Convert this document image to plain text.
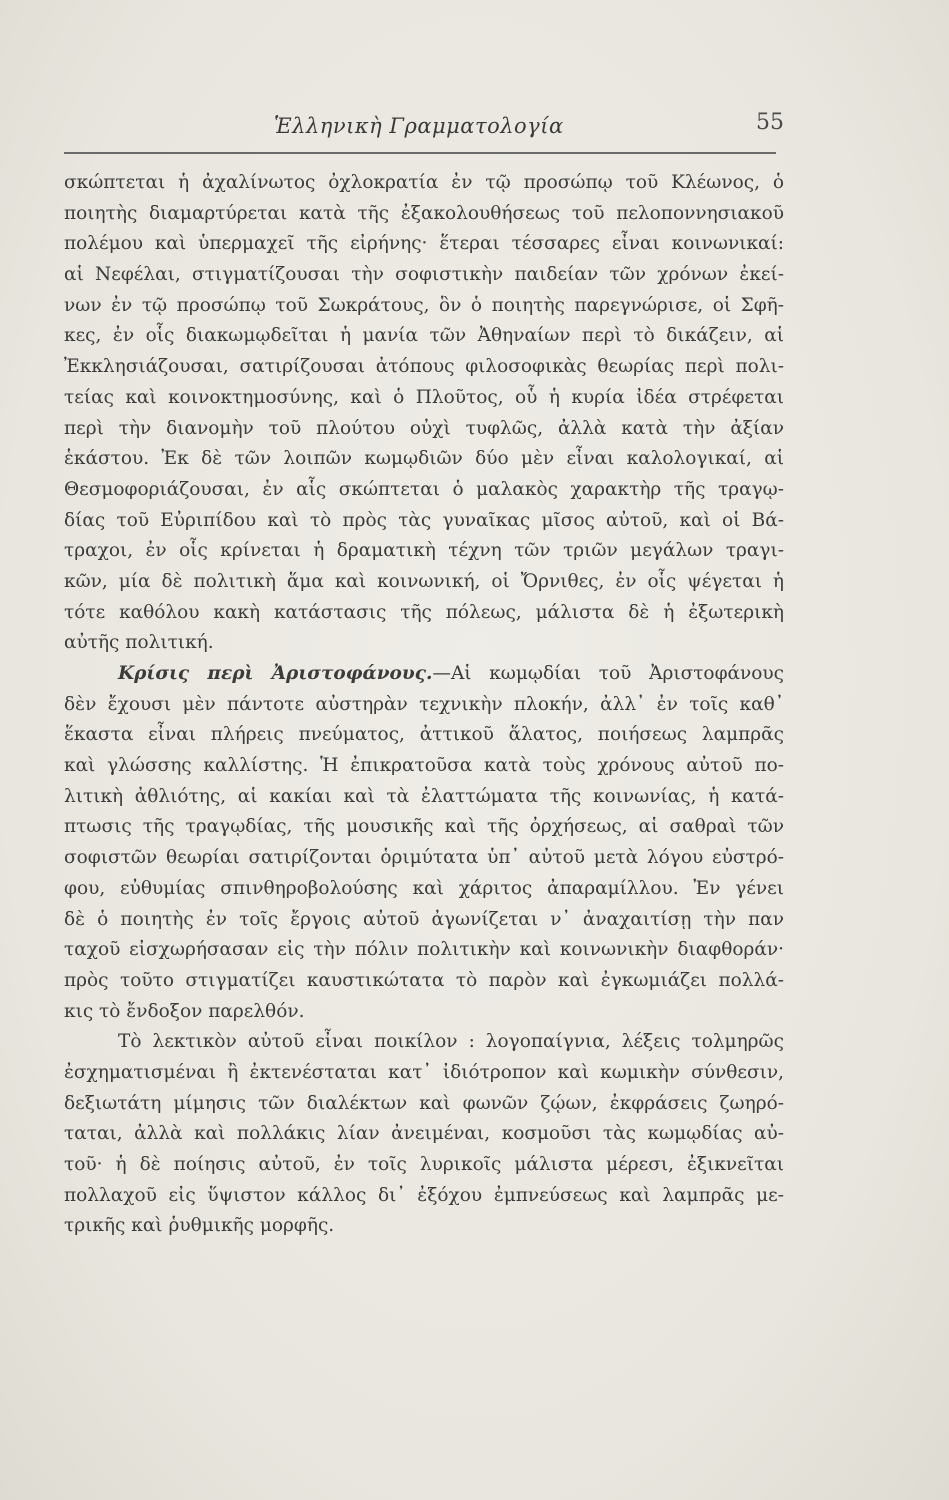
Ἑλληνικὴ Γραμματολογία	55
σκώπτεται ἡ ἀχαλίνωτος ὀχλοκρατία ἐν τῷ προσώπῳ τοῦ Κλέωνος, ὁ
ποιητὴς διαμαρτύρεται κατὰ τῆς ἐξακολουθήσεως τοῦ πελοποννησιακοῦ
πολέμου καὶ ὑπερμαχεῖ τῆς εἰρήνης· ἕτεραι τέσσαρες εἶναι κοινωνικαί:
αἱ Νεφέλαι, στιγματίζουσαι τὴν σοφιστικὴν παιδείαν τῶν χρόνων ἐκεί-
νων ἐν τῷ προσώπῳ τοῦ Σωκράτους, ὃν ὁ ποιητὴς παρεγνώρισε, οἱ Σφῆ-
κες, ἐν οἷς διακωμῳδεῖται ἡ μανία τῶν Ἀθηναίων περὶ τὸ δικάζειν, αἱ
Ἐκκλησιάζουσαι, σατιρίζουσαι ἀτόπους φιλοσοφικὰς θεωρίας περὶ πολι-
τείας καὶ κοινοκτημοσύνης, καὶ ὁ Πλοῦτος, οὗ ἡ κυρία ἰδέα στρέφεται
περὶ τὴν διανομὴν τοῦ πλούτου οὐχὶ τυφλῶς, ἀλλὰ κατὰ τὴν ἀξίαν
ἑκάστου. Ἐκ δὲ τῶν λοιπῶν κωμῳδιῶν δύο μὲν εἶναι καλολογικαί, αἱ
Θεσμοφοριάζουσαι, ἐν αἷς σκώπτεται ὁ μαλακὸς χαρακτὴρ τῆς τραγῳ-
δίας τοῦ Εὐριπίδου καὶ τὸ πρὸς τὰς γυναῖκας μῖσος αὐτοῦ, καὶ οἱ Βά-
τραχοι, ἐν οἷς κρίνεται ἡ δραματικὴ τέχνη τῶν τριῶν μεγάλων τραγι-
κῶν, μία δὲ πολιτικὴ ἅμα καὶ κοινωνική, οἱ Ὄρνιθες, ἐν οἷς ψέγεται ἡ
τότε καθόλου κακὴ κατάστασις τῆς πόλεως, μάλιστα δὲ ἡ ἐξωτερικὴ
αὐτῆς πολιτική.
Κρίσις περὶ Ἀριστοφάνους.—Αἱ κωμῳδίαι τοῦ Ἀριστοφάνους
δὲν ἔχουσι μὲν πάντοτε αὐστηρὰν τεχνικὴν πλοκήν, ἀλλ᾽ ἐν τοῖς καθ᾽
ἕκαστα εἶναι πλήρεις πνεύματος, ἀττικοῦ ἅλατος, ποιήσεως λαμπρᾶς
καὶ γλώσσης καλλίστης. Ἡ ἐπικρατοῦσα κατὰ τοὺς χρόνους αὐτοῦ πο-
λιτικὴ ἀθλιότης, αἱ κακίαι καὶ τὰ ἐλαττώματα τῆς κοινωνίας, ἡ κατά-
πτωσις τῆς τραγῳδίας, τῆς μουσικῆς καὶ τῆς ὀρχήσεως, αἱ σαθραὶ τῶν
σοφιστῶν θεωρίαι σατιρίζονται ὁριμύτατα ὑπ᾽ αὐτοῦ μετὰ λόγου εὐστρό-
φου, εὐθυμίας σπινθηροβολούσης καὶ χάριτος ἀπαραμίλλου. Ἐν γένει
δὲ ὁ ποιητὴς ἐν τοῖς ἔργοις αὐτοῦ ἀγωνίζεται ν᾽ ἀναχαιτίσῃ τὴν παν
ταχοῦ εἰσχωρήσασαν εἰς τὴν πόλιν πολιτικὴν καὶ κοινωνικὴν διαφθοράν·
πρὸς τοῦτο στιγματίζει καυστικώτατα τὸ παρὸν καὶ ἐγκωμιάζει πολλά-
κις τὸ ἔνδοξον παρελθόν.
Τὸ λεκτικὸν αὐτοῦ εἶναι ποικίλον : λογοπαίγνια, λέξεις τολμηρῶς
ἐσχηματισμέναι ἢ ἐκτενέσταται κατ᾽ ἰδιότροπον καὶ κωμικὴν σύνθεσιν,
δεξιωτάτη μίμησις τῶν διαλέκτων καὶ φωνῶν ζῴων, ἐκφράσεις ζωηρό-
ταται, ἀλλὰ καὶ πολλάκις λίαν ἀνειμέναι, κοσμοῦσι τὰς κωμῳδίας αὐ-
τοῦ· ἡ δὲ ποίησις αὐτοῦ, ἐν τοῖς λυρικοῖς μάλιστα μέρεσι, ἐξικνεῖται
πολλαχοῦ εἰς ὕψιστον κάλλος δι᾽ ἐξόχου ἐμπνεύσεως καὶ λαμπρᾶς με-
τρικῆς καὶ ῥυθμικῆς μορφῆς.
